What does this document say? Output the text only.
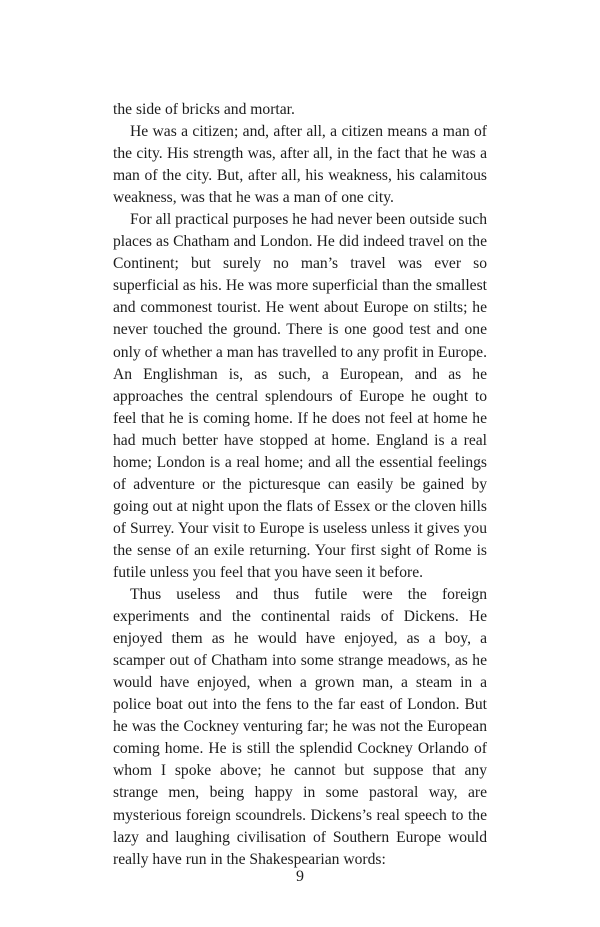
the side of bricks and mortar.

He was a citizen; and, after all, a citizen means a man of the city. His strength was, after all, in the fact that he was a man of the city. But, after all, his weakness, his calamitous weakness, was that he was a man of one city.

For all practical purposes he had never been outside such places as Chatham and London. He did indeed travel on the Continent; but surely no man’s travel was ever so superficial as his. He was more superficial than the smallest and commonest tourist. He went about Europe on stilts; he never touched the ground. There is one good test and one only of whether a man has travelled to any profit in Europe. An Englishman is, as such, a European, and as he approaches the central splendours of Europe he ought to feel that he is coming home. If he does not feel at home he had much better have stopped at home. England is a real home; London is a real home; and all the essential feelings of adventure or the picturesque can easily be gained by going out at night upon the flats of Essex or the cloven hills of Surrey. Your visit to Europe is useless unless it gives you the sense of an exile returning. Your first sight of Rome is futile unless you feel that you have seen it before.

Thus useless and thus futile were the foreign experiments and the continental raids of Dickens. He enjoyed them as he would have enjoyed, as a boy, a scamper out of Chatham into some strange meadows, as he would have enjoyed, when a grown man, a steam in a police boat out into the fens to the far east of London. But he was the Cockney venturing far; he was not the European coming home. He is still the splendid Cockney Orlando of whom I spoke above; he cannot but suppose that any strange men, being happy in some pastoral way, are mysterious foreign scoundrels. Dickens’s real speech to the lazy and laughing civilisation of Southern Europe would really have run in the Shakespearian words:

9
